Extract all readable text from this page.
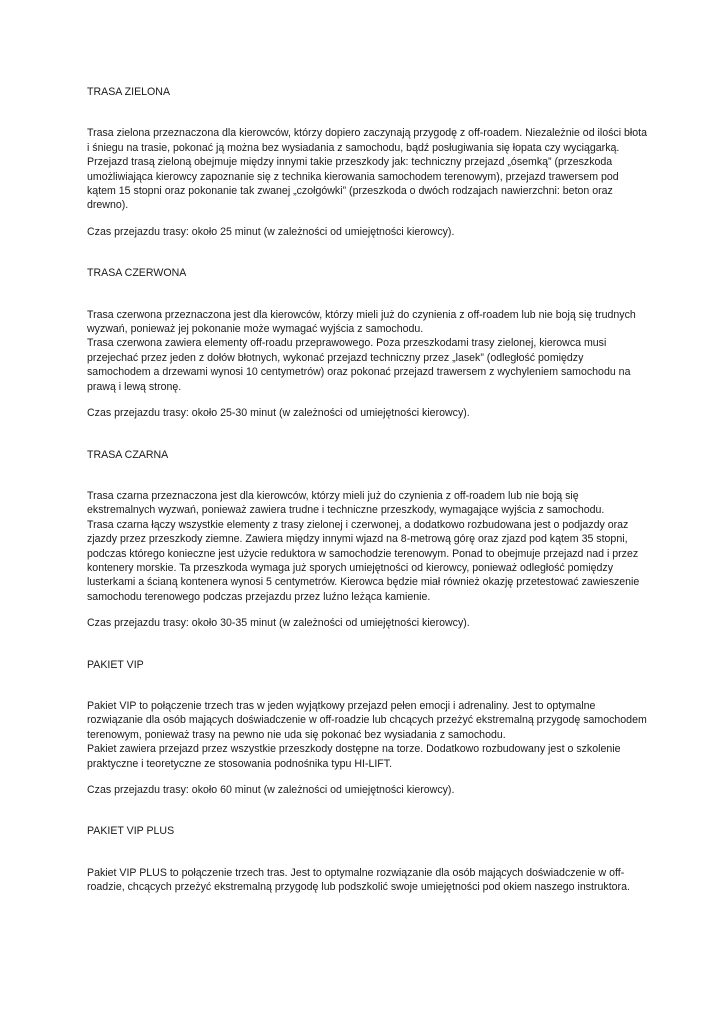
TRASA ZIELONA

Trasa zielona przeznaczona dla kierowców, którzy dopiero zaczynają przygodę z off-roadem. Niezależnie od ilości błota i śniegu na trasie, pokonać ją można bez wysiadania z samochodu, bądź posługiwania się łopata czy wyciągarką.

Przejazd trasą zieloną obejmuje między innymi takie przeszkody jak: techniczny przejazd „ósemką” (przeszkoda umożliwiająca kierowcy zapoznanie się z technika kierowania samochodem terenowym), przejazd trawersem pod kątem 15 stopni oraz pokonanie tak zwanej „czołgówki” (przeszkoda o dwóch rodzajach nawierzchni: beton oraz drewno).

Czas przejazdu trasy: około 25 minut (w zależności od umiejętności kierowcy).

TRASA CZERWONA

Trasa czerwona przeznaczona jest dla kierowców, którzy mieli już do czynienia z off-roadem lub nie boją się trudnych wyzwań, ponieważ jej pokonanie może wymagać wyjścia z samochodu.

Trasa czerwona zawiera elementy off-roadu przeprawowego. Poza przeszkodami trasy zielonej, kierowca musi przejechać przez jeden z dołów błotnych, wykonać przejazd techniczny przez „lasek” (odległość pomiędzy samochodem a drzewami wynosi 10 centymetrów) oraz pokonać przejazd trawersem z wychyleniem samochodu na prawą i lewą stronę.

Czas przejazdu trasy: około 25-30 minut (w zależności od umiejętności kierowcy).

TRASA CZARNA

Trasa czarna przeznaczona jest dla kierowców, którzy mieli już do czynienia z off-roadem lub nie boją się ekstremalnych wyzwań, ponieważ zawiera trudne i techniczne przeszkody, wymagające wyjścia z samochodu.

Trasa czarna łączy wszystkie elementy z trasy zielonej i czerwonej, a dodatkowo rozbudowana jest o podjazdy oraz zjazdy przez przeszkody ziemne. Zawiera między innymi wjazd na 8-metrową górę oraz zjazd pod kątem 35 stopni, podczas którego konieczne jest użycie reduktora w samochodzie terenowym. Ponad to obejmuje przejazd nad i przez kontenery morskie. Ta przeszkoda wymaga już sporych umiejętności od kierowcy, ponieważ odległość pomiędzy lusterkami a ścianą kontenera wynosi 5 centymetrów. Kierowca będzie miał również okazję przetestować zawieszenie samochodu terenowego podczas przejazdu przez luźno leżąca kamienie.

Czas przejazdu trasy: około 30-35 minut (w zależności od umiejętności kierowcy).

PAKIET VIP

Pakiet VIP to połączenie trzech tras w jeden wyjątkowy przejazd pełen emocji i adrenaliny. Jest to optymalne rozwiązanie dla osób mających doświadczenie w off-roadzie lub chcących przeżyć ekstremalną przygodę samochodem terenowym, ponieważ trasy na pewno nie uda się pokonać bez wysiadania z samochodu.

Pakiet zawiera przejazd przez wszystkie przeszkody dostępne na torze. Dodatkowo rozbudowany jest o szkolenie praktyczne i teoretyczne ze stosowania podnośnika typu HI-LIFT.

Czas przejazdu trasy: około 60 minut (w zależności od umiejętności kierowcy).

PAKIET VIP PLUS

Pakiet VIP PLUS to połączenie trzech tras. Jest to optymalne rozwiązanie dla osób mających doświadczenie w off-roadzie, chcących przeżyć ekstremalną przygodę lub podszkolić swoje umiejętności pod okiem naszego instruktora.
